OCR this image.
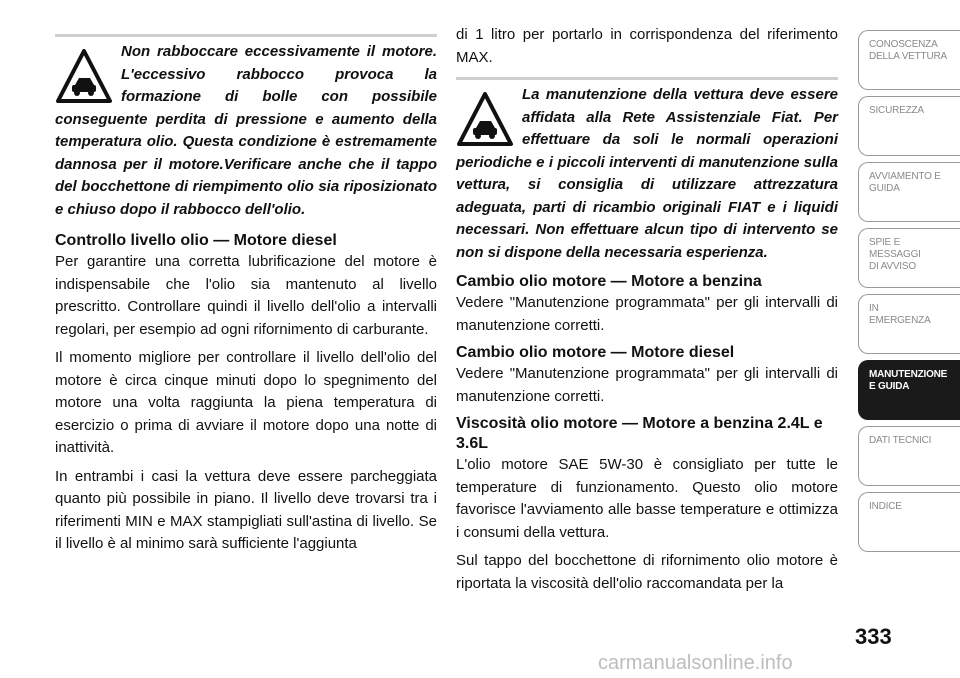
Non rabboccare eccessivamente il motore. L'eccessivo rabbocco provoca la formazione di bolle con possibile conseguente perdita di pressione e aumento della temperatura olio. Questa condizione è estremamente dannosa per il motore.Verificare anche che il tappo del bocchettone di riempimento olio sia riposizionato e chiuso dopo il rabbocco dell'olio.

Controllo livello olio — Motore diesel

Per garantire una corretta lubrificazione del motore è indispensabile che l'olio sia mantenuto al livello prescritto. Controllare quindi il livello dell'olio a intervalli regolari, per esempio ad ogni rifornimento di carburante.

Il momento migliore per controllare il livello dell'olio del motore è circa cinque minuti dopo lo spegnimento del motore una volta raggiunta la piena temperatura di esercizio o prima di avviare il motore dopo una notte di inattività.

In entrambi i casi la vettura deve essere parcheggiata quanto più possibile in piano. Il livello deve trovarsi tra i riferimenti MIN e MAX stampigliati sull'astina di livello. Se il livello è al minimo sarà sufficiente l'aggiunta

di 1 litro per portarlo in corrispondenza del riferimento MAX.

La manutenzione della vettura deve essere affidata alla Rete Assistenziale Fiat. Per effettuare da soli le normali operazioni periodiche e i piccoli interventi di manutenzione sulla vettura, si consiglia di utilizzare attrezzatura adeguata, parti di ricambio originali FIAT e i liquidi necessari. Non effettuare alcun tipo di intervento se non si dispone della necessaria esperienza.

Cambio olio motore — Motore a benzina

Vedere "Manutenzione programmata" per gli intervalli di manutenzione corretti.

Cambio olio motore — Motore diesel

Vedere "Manutenzione programmata" per gli intervalli di manutenzione corretti.

Viscosità olio motore — Motore a benzina 2.4L e 3.6L

L'olio motore SAE 5W-30 è consigliato per tutte le temperature di funzionamento. Questo olio motore favorisce l'avviamento alle basse temperature e ottimizza i consumi della vettura.

Sul tappo del bocchettone di rifornimento olio motore è riportata la viscosità dell'olio raccomandata per la

CONOSCENZA
DELLA VETTURA
SICUREZZA
AVVIAMENTO E
GUIDA
SPIE E
MESSAGGI
DI AVVISO
IN
EMERGENZA
MANUTENZIONE
E GUIDA
DATI TECNICI
INDICE
333
carmanualsonline.info
